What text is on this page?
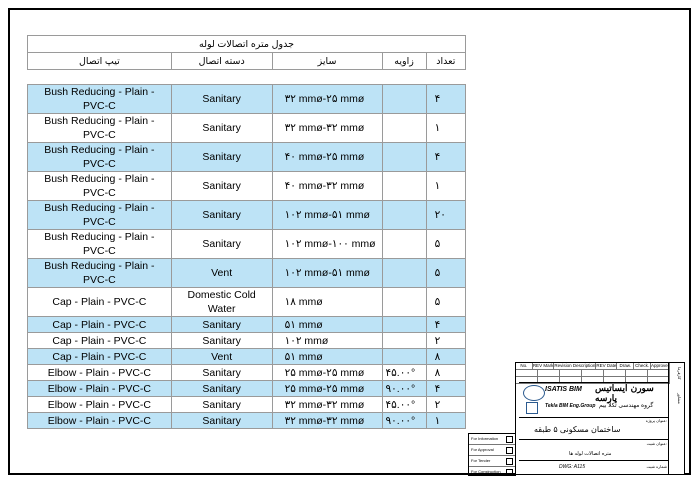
جدول متره اتصالات لوله				
تیپ اتصال	دسته اتصال	سایز	زاویه	تعداد

Bush Reducing - Plain - PVC-C	Sanitary	۳۲ mmø-۲۵ mmø		۴
Bush Reducing - Plain - PVC-C	Sanitary	۳۲ mmø-۳۲ mmø		۱
Bush Reducing - Plain - PVC-C	Sanitary	۴۰ mmø-۲۵ mmø		۴
Bush Reducing - Plain - PVC-C	Sanitary	۴۰ mmø-۳۲ mmø		۱
Bush Reducing - Plain - PVC-C	Sanitary	۱۰۲ mmø-۵۱ mmø		۲۰
Bush Reducing - Plain - PVC-C	Sanitary	۱۰۲ mmø-۱۰۰ mmø		۵
Bush Reducing - Plain - PVC-C	Vent	۱۰۲ mmø-۵۱ mmø		۵
Cap - Plain - PVC-C	Domestic Cold Water	۱۸ mmø		۵
Cap - Plain - PVC-C	Sanitary	۵۱ mmø		۴
Cap - Plain - PVC-C	Sanitary	۱۰۲ mmø		۲
Cap - Plain - PVC-C	Vent	۵۱ mmø		۸
Elbow - Plain - PVC-C	Sanitary	۲۵ mmø-۲۵ mmø	۴۵.۰۰°	۸
Elbow - Plain - PVC-C	Sanitary	۲۵ mmø-۲۵ mmø	۹۰.۰۰°	۴
Elbow - Plain - PVC-C	Sanitary	۳۲ mmø-۳۲ mmø	۴۵.۰۰°	۲
Elbow - Plain - PVC-C	Sanitary	۳۲ mmø-۳۲ mmø	۹۰.۰۰°	۱
No.	REV Mark Revision Description REV Date Draw. Check. Approve.
کارفرما
مشاور
ISATIS BIM سورن ایساتیس پارسه
Tekla BIM Eng.Group گروه مهندسی تکلا بیم
عنوان پروژه:
ساختمان مسکونی ۵ طبقه
عنوان شیت:
متره اتصالات لوله ها
شماره شیت
DWG: A115
For Information
For Approval
For Tender
For Construction
